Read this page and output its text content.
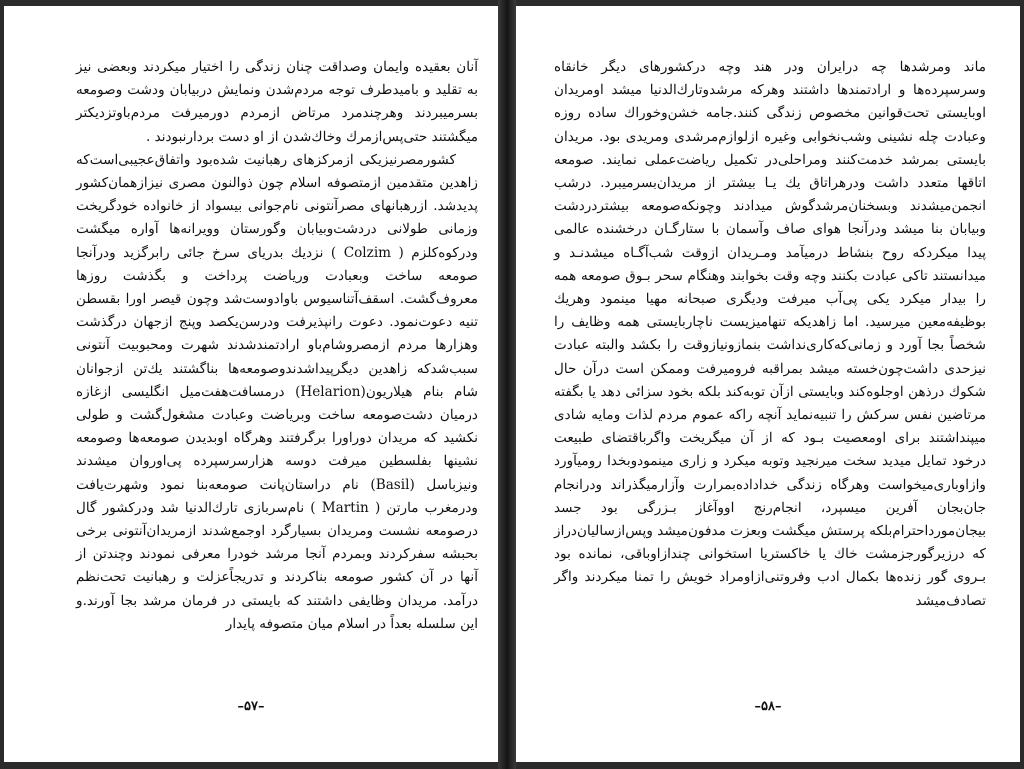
آنان بعقیده وایمان وصداقت چنان زندگی را اختیار میکردند وبعضی نیز به تقلید و بامیدطرف توجه مردم‌شدن ونمایش دربیابان ودشت وصومعه بسرمیبردند وهرچندمرد مرتاض ازمردم دورمیرفت مردم‌باوتزدیکتر میگشتند حتی‌پس‌ازمرك وخاك‌شدن از او دست بردارنبودند .

کشورمصرنیزیکی ازمرکزهای رهبانیت شده‌بود واتفاق‌عجیبی‌است‌که زاهدین متقدمین ازمتصوفه اسلام چون ذوالنون مصری نیزازهمان‌کشور پدیدشد. ازرهبانهای مصرآنتونی نام‌جوانی بیسواد از خانواده خودگریخت وزمانی طولانی دردشت‌وبیابان وگورستان وویرانه‌ها آواره میگشت ودرکوه‌کلزم ( Colzim ) نزدیك بدریای سرخ جائی رابرگزید ودرآنجا صومعه ساخت وبعبادت وریاضت پرداخت و بگذشت روزها معروف‌گشت. اسقف‌آتناسیوس باوادوست‌شد وچون قیصر اورا بقسطن تنیه دعوت‌نمود. دعوت رانپذیرفت ودرسن‌یکصد وپنج ازجهان درگذشت وهزارها مردم ازمصروشام‌باو ارادتمندشدند شهرت ومحبوبیت آنتونی سبب‌شدکه زاهدین دیگرپیداشدندوصومعه‌ها بناگشتند یك‌تن ازجوانان شام بنام هیلاریون(Helarion) درمسافت‌هفت‌میل انگلیسی ازغازه درمیان دشت‌صومعه ساخت وبریاضت وعبادت مشغول‌گشت و طولی نکشید که مریدان دوراورا برگرفتند وهرگاه اوبدیدن صومعه‌ها وصومعه نشینها بفلسطین میرفت دوسه هزارسرسپرده پی‌اوروان میشدند ونیزباسل (Basil) نام دراستان‌پانت صومعه‌بنا نمود وشهرت‌یافت ودرمغرب مارتن ( Martin ) نام‌سربازی تارك‌الدنیا شد ودرکشور گال درصومعه نشست ومریدان بسیارگرد اوجمع‌شدند ازمریدان‌آنتونی برخی بحبشه سفرکردند وبمردم آنجا مرشد خودرا معرفی نمودند وچندتن از آنها در آن کشور صومعه بناکردند و تدریجاًعزلت و رهبانیت تحت‌نظم درآمد. مریدان وظایفی داشتند که بایستی در فرمان مرشد بجا آورند.و این سلسله بعداً در اسلام میان متصوفه پایدار

–۵۷–

ماند ومرشدها چه درایران ودر هند وچه درکشورهای دیگر خانقاه وسرسپرده‌ها و ارادتمندها داشتند وهرکه مرشدوتارك‌الدنیا میشد اومریدان اوبایستی تحت‌قوانین مخصوص زندگی کنند.جامه خشن‌وخوراك ساده روزه وعبادت چله نشینی وشب‌نخوابی وغیره ازلوازم‌مرشدی ومریدی بود. مریدان بایستی بمرشد خدمت‌کنند ومراحلی‌در تکمیل ریاضت‌عملی نمایند. صومعه اتاقها متعدد داشت ودرهراتاق يك يـا بيشتر از مریدان‌بسرمیبرد. درشب انجمن‌میشدند وبسخنان‌مرشدگوش میدادند وچونکه‌صومعه بیشتردردشت وبیابان بنا میشد ودرآنجا هوای صاف وآسمان با ستارگـان درخشنده عالمی پیدا میکردکه روح بنشاط درمیآمد ومـریدان ازوقت شب‌آگـاه میشدنـد و میدانستند تاکی عبادت بکنند وچه وقت بخوابند وهنگام سحر بـوق صومعه همه را بیدار میکرد یکی پی‌آب میرفت ودیگری صبحانه مهیا مینمود وهریك بوظیفه‌معین میرسید. اما زاهدیکه تنهامیزیست ناچاربایستی همه وظایف را شخصاً بجا آورد و زمانی‌که‌کاری‌نداشت بنمازونیازوقت را بکشد والبته عبادت نیزحدی داشت‌چون‌خسته میشد بمراقبه فرومیرفت وممکن است درآن حال شکوك درذهن اوجلوه‌کند وبایستی ازآن توبه‌کند بلکه بخود سزائی دهد یا بگفته مرتاضین نفس سرکش را تنبیه‌نماید آنچه راکه عموم مردم لذات ومایه شادی میپنداشتند برای اومعصیت بـود که از آن میگریخت واگرباقتضای طبیعت درخود تمایل میدید سخت میرنجید وتوبه میکرد و زاری مینمودوبخدا رومیآورد وازاوباری‌میخواست وهرگاه زندگی خداداده‌بمرارت وآزارمیگذراند ودرانجام جان‌بجان آفرین میسپرد، انجام‌رنج اووآغاز بـزرگی بود جسد بیجان‌مورداحترام‌بلکه پرستش میگشت وبعزت مدفون‌میشد وپس‌ازسالیان‌دراز که درزیرگورجزمشت خاك یا خاکستریا استخوانی چندازاوباقی، نمانده بود بـروی گور زنده‌ها بکمال ادب وفروتنی‌ازاومراد خویش را تمنا میکردند واگر تصادف‌میشد

–۵۸–
